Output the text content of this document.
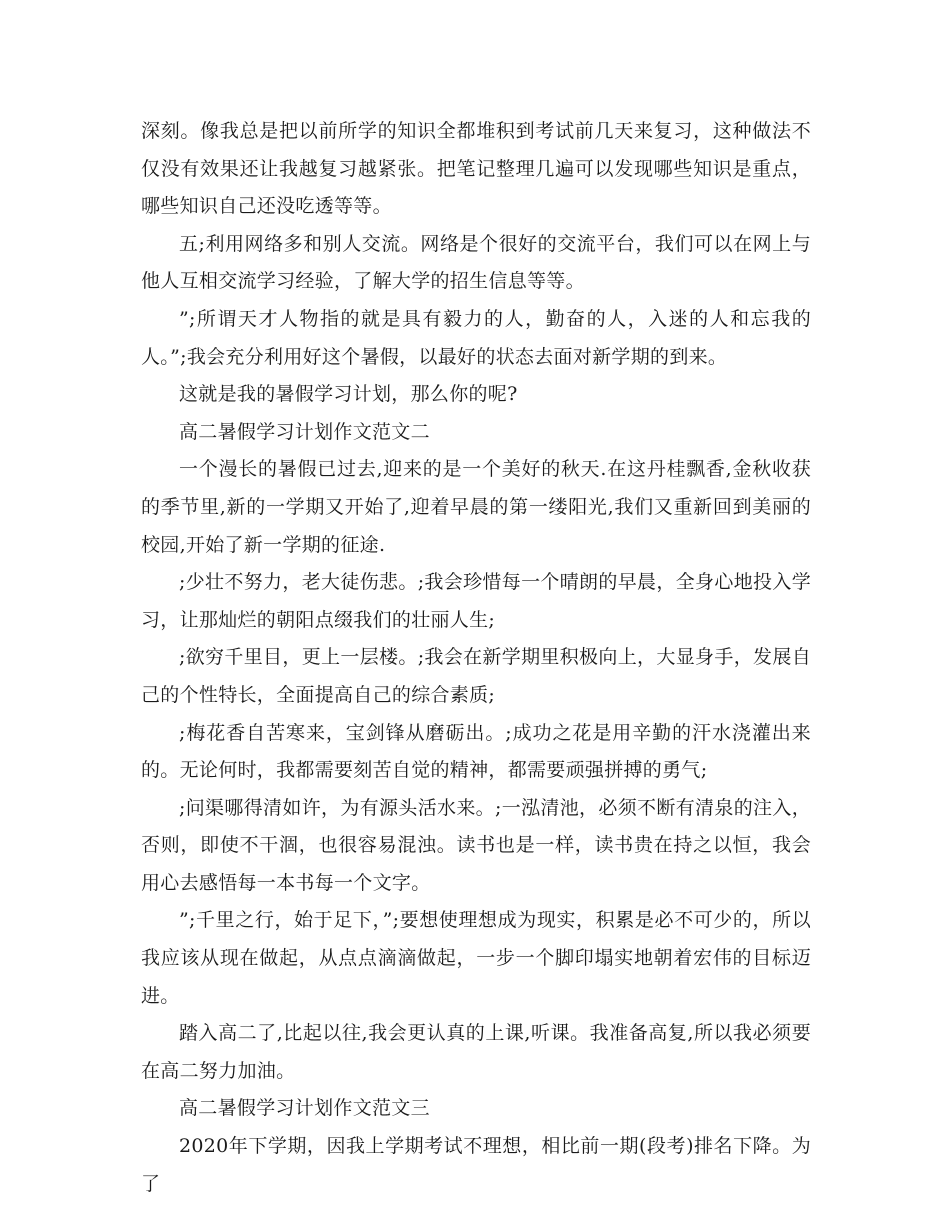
深刻。像我总是把以前所学的知识全都堆积到考试前几天来复习，这种做法不仅没有效果还让我越复习越紧张。把笔记整理几遍可以发现哪些知识是重点，哪些知识自己还没吃透等等。

五;利用网络多和别人交流。网络是个很好的交流平台，我们可以在网上与他人互相交流学习经验，了解大学的招生信息等等。

”;所谓天才人物指的就是具有毅力的人，勤奋的人，入迷的人和忘我的人。”;我会充分利用好这个暑假，以最好的状态去面对新学期的到来。

这就是我的暑假学习计划，那么你的呢?

高二暑假学习计划作文范文二

一个漫长的暑假已过去,迎来的是一个美好的秋天.在这丹桂飘香,金秋收获的季节里,新的一学期又开始了,迎着早晨的第一缕阳光,我们又重新回到美丽的校园,开始了新一学期的征途.

;少壮不努力，老大徒伤悲。;我会珍惜每一个晴朗的早晨，全身心地投入学习，让那灿烂的朝阳点缀我们的壮丽人生;

;欲穷千里目，更上一层楼。;我会在新学期里积极向上，大显身手，发展自己的个性特长，全面提高自己的综合素质;

;梅花香自苦寒来，宝剑锋从磨砺出。;成功之花是用辛勤的汗水浇灌出来的。无论何时，我都需要刻苦自觉的精神，都需要顽强拼搏的勇气;

;问渠哪得清如许，为有源头活水来。;一泓清池，必须不断有清泉的注入，否则，即使不干涸，也很容易混浊。读书也是一样，读书贵在持之以恒，我会用心去感悟每一本书每一个文字。

”;千里之行，始于足下，”;要想使理想成为现实，积累是必不可少的，所以我应该从现在做起，从点点滴滴做起，一步一个脚印塌实地朝着宏伟的目标迈进。

踏入高二了,比起以往,我会更认真的上课,听课。我准备高复,所以我必须要在高二努力加油。

高二暑假学习计划作文范文三

2020年下学期，因我上学期考试不理想，相比前一期(段考)排名下降。为了
